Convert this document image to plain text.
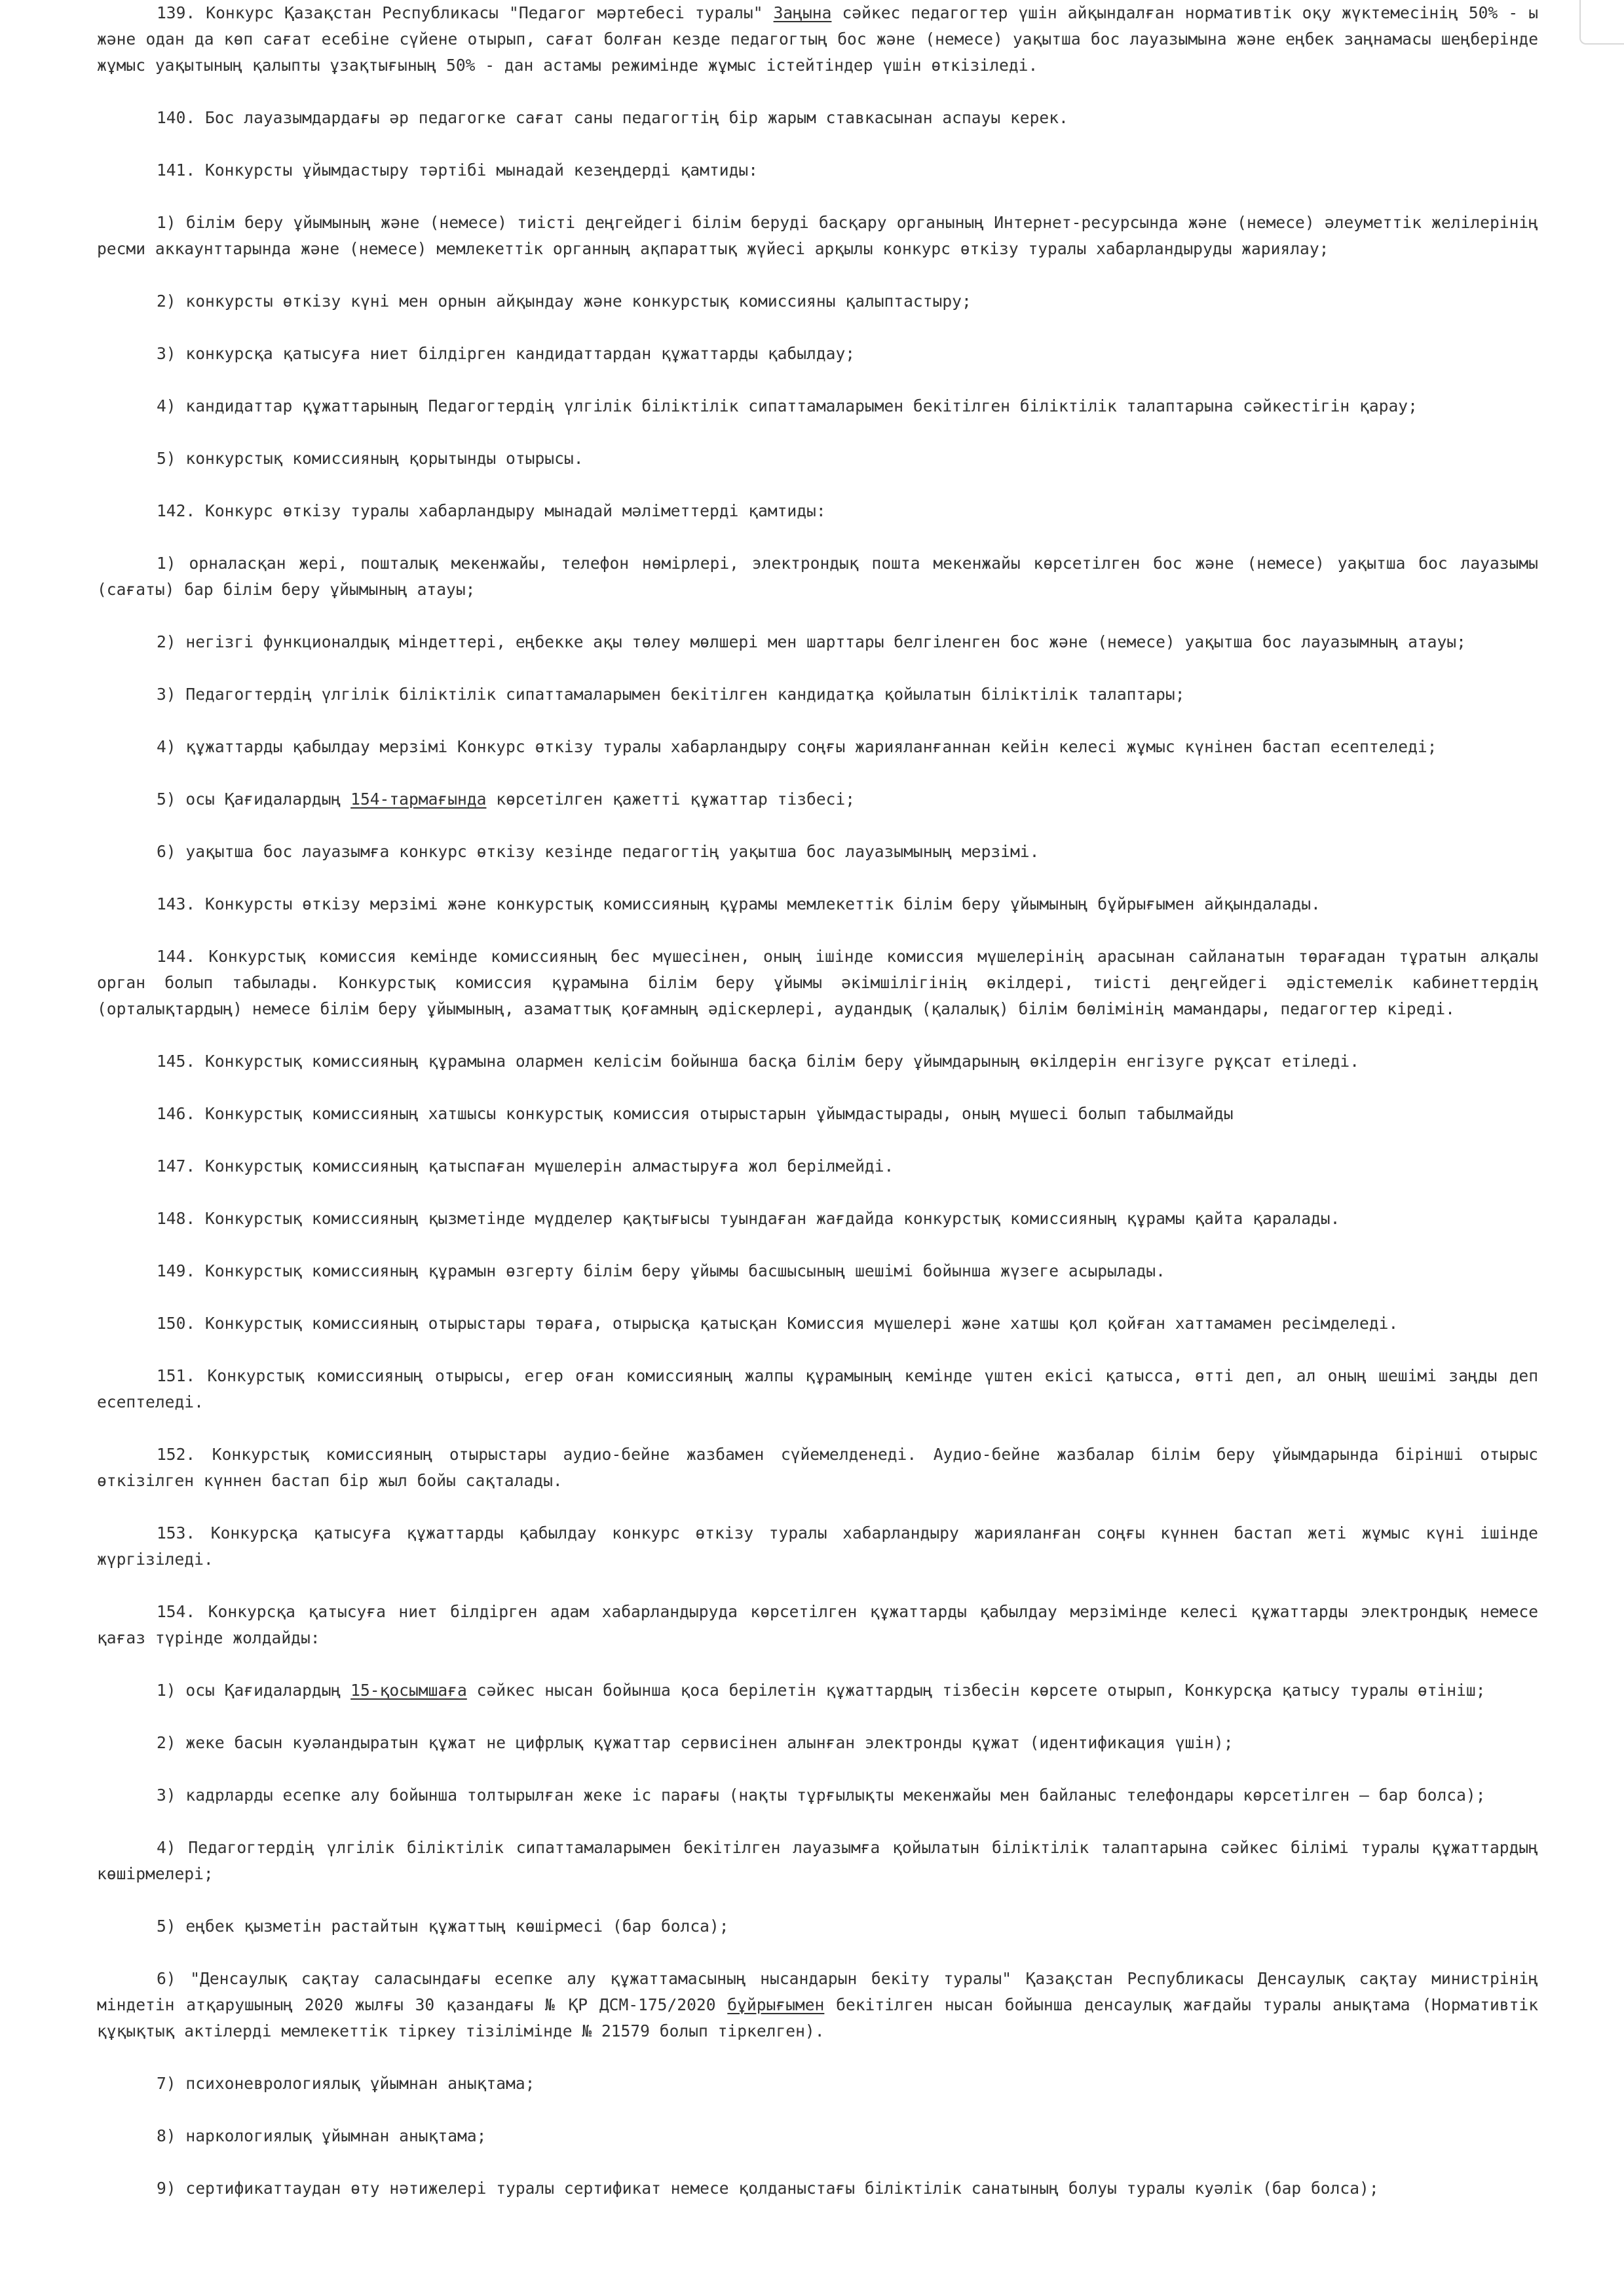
139. Конкурс Қазақстан Республикасы "Педагог мәртебесі туралы" Заңына сәйкес педагогтер үшін айқындалған нормативтік оқу жүктемесінің 50% - ы және одан да көп сағат есебіне сүйене отырып, сағат болған кезде педагогтың бос және (немесе) уақытша бос лауазымына және еңбек заңнамасы шеңберінде жұмыс уақытының қалыпты ұзақтығының 50% - дан астамы режимінде жұмыс істейтіндер үшін өткізіледі.

140. Бос лауазымдардағы әр педагогке сағат саны педагогтің бір жарым ставкасынан аспауы керек.

141. Конкурсты ұйымдастыру тәртібі мынадай кезеңдерді қамтиды:

1) білім беру ұйымының және (немесе) тиісті деңгейдегі білім беруді басқару органының Интернет-ресурсында және (немесе) әлеуметтік желілерінің ресми аккаунттарында және (немесе) мемлекеттік органның ақпараттық жүйесі арқылы конкурс өткізу туралы хабарландыруды жариялау;

2) конкурсты өткізу күні мен орнын айқындау және конкурстық комиссияны қалыптастыру;

3) конкурсқа қатысуға ниет білдірген кандидаттардан құжаттарды қабылдау;

4) кандидаттар құжаттарының Педагогтердің үлгілік біліктілік сипаттамаларымен бекітілген біліктілік талаптарына сәйкестігін қарау;

5) конкурстық комиссияның қорытынды отырысы.

142. Конкурс өткізу туралы хабарландыру мынадай мәліметтерді қамтиды:

1) орналасқан жері, пошталық мекенжайы, телефон нөмірлері, электрондық пошта мекенжайы көрсетілген бос және (немесе) уақытша бос лауазымы (сағаты) бар білім беру ұйымының атауы;

2) негізгі функционалдық міндеттері, еңбекке ақы төлеу мөлшері мен шарттары белгіленген бос және (немесе) уақытша бос лауазымның атауы;

3) Педагогтердің үлгілік біліктілік сипаттамаларымен бекітілген кандидатқа қойылатын біліктілік талаптары;

4) құжаттарды қабылдау мерзімі Конкурс өткізу туралы хабарландыру соңғы жарияланғаннан кейін келесі жұмыс күнінен бастап есептеледі;

5) осы Қағидалардың 154-тармағында көрсетілген қажетті құжаттар тізбесі;

6) уақытша бос лауазымға конкурс өткізу кезінде педагогтің уақытша бос лауазымының мерзімі.

143. Конкурсты өткізу мерзімі және конкурстық комиссияның құрамы мемлекеттік білім беру ұйымының бұйрығымен айқындалады.

144. Конкурстық комиссия кемінде комиссияның бес мүшесінен, оның ішінде комиссия мүшелерінің арасынан сайланатын төрағадан тұратын алқалы орган болып табылады. Конкурстық комиссия құрамына білім беру ұйымы әкімшілігінің өкілдері, тиісті деңгейдегі әдістемелік кабинеттердің (орталықтардың) немесе білім беру ұйымының, азаматтық қоғамның әдіскерлері, аудандық (қалалық) білім бөлімінің мамандары, педагогтер кіреді.

145. Конкурстық комиссияның құрамына олармен келісім бойынша басқа білім беру ұйымдарының өкілдерін енгізуге рұқсат етіледі.

146. Конкурстық комиссияның хатшысы конкурстық комиссия отырыстарын ұйымдастырады, оның мүшесі болып табылмайды

147. Конкурстық комиссияның қатыспаған мүшелерін алмастыруға жол берілмейді.

148. Конкурстық комиссияның қызметінде мүдделер қақтығысы туындаған жағдайда конкурстық комиссияның құрамы қайта қаралады.

149. Конкурстық комиссияның құрамын өзгерту білім беру ұйымы басшысының шешімі бойынша жүзеге асырылады.

150. Конкурстық комиссияның отырыстары төраға, отырысқа қатысқан Комиссия мүшелері және хатшы қол қойған хаттамамен ресімделеді.

151. Конкурстық комиссияның отырысы, егер оған комиссияның жалпы құрамының кемінде үштен екісі қатысса, өтті деп, ал оның шешімі заңды деп есептеледі.

152. Конкурстық комиссияның отырыстары аудио-бейне жазбамен сүйемелденеді. Аудио-бейне жазбалар білім беру ұйымдарында бірінші отырыс өткізілген күннен бастап бір жыл бойы сақталады.

153. Конкурсқа қатысуға құжаттарды қабылдау конкурс өткізу туралы хабарландыру жарияланған соңғы күннен бастап жеті жұмыс күні ішінде жүргізіледі.

154. Конкурсқа қатысуға ниет білдірген адам хабарландыруда көрсетілген құжаттарды қабылдау мерзімінде келесі құжаттарды электрондық немесе қағаз түрінде жолдайды:

1) осы Қағидалардың 15-қосымшаға сәйкес нысан бойынша қоса берілетін құжаттардың тізбесін көрсете отырып, Конкурсқа қатысу туралы өтініш;

2) жеке басын куәландыратын құжат не цифрлық құжаттар сервисінен алынған электронды құжат (идентификация үшін);

3) кадрларды есепке алу бойынша толтырылған жеке іс парағы (нақты тұрғылықты мекенжайы мен байланыс телефондары көрсетілген – бар болса);

4) Педагогтердің үлгілік біліктілік сипаттамаларымен бекітілген лауазымға қойылатын біліктілік талаптарына сәйкес білімі туралы құжаттардың көшірмелері;

5) еңбек қызметін растайтын құжаттың көшірмесі (бар болса);

6) "Денсаулық сақтау саласындағы есепке алу құжаттамасының нысандарын бекіту туралы" Қазақстан Республикасы Денсаулық сақтау министрінің міндетін атқарушының 2020 жылғы 30 қазандағы № ҚР ДСМ-175/2020 бұйрығымен бекітілген нысан бойынша денсаулық жағдайы туралы анықтама (Нормативтік құқықтық актілерді мемлекеттік тіркеу тізілімінде № 21579 болып тіркелген).

7) психоневрологиялық ұйымнан анықтама;

8) наркологиялық ұйымнан анықтама;

9) сертификаттаудан өту нәтижелері туралы сертификат немесе қолданыстағы біліктілік санатының болуы туралы куәлік (бар болса);
